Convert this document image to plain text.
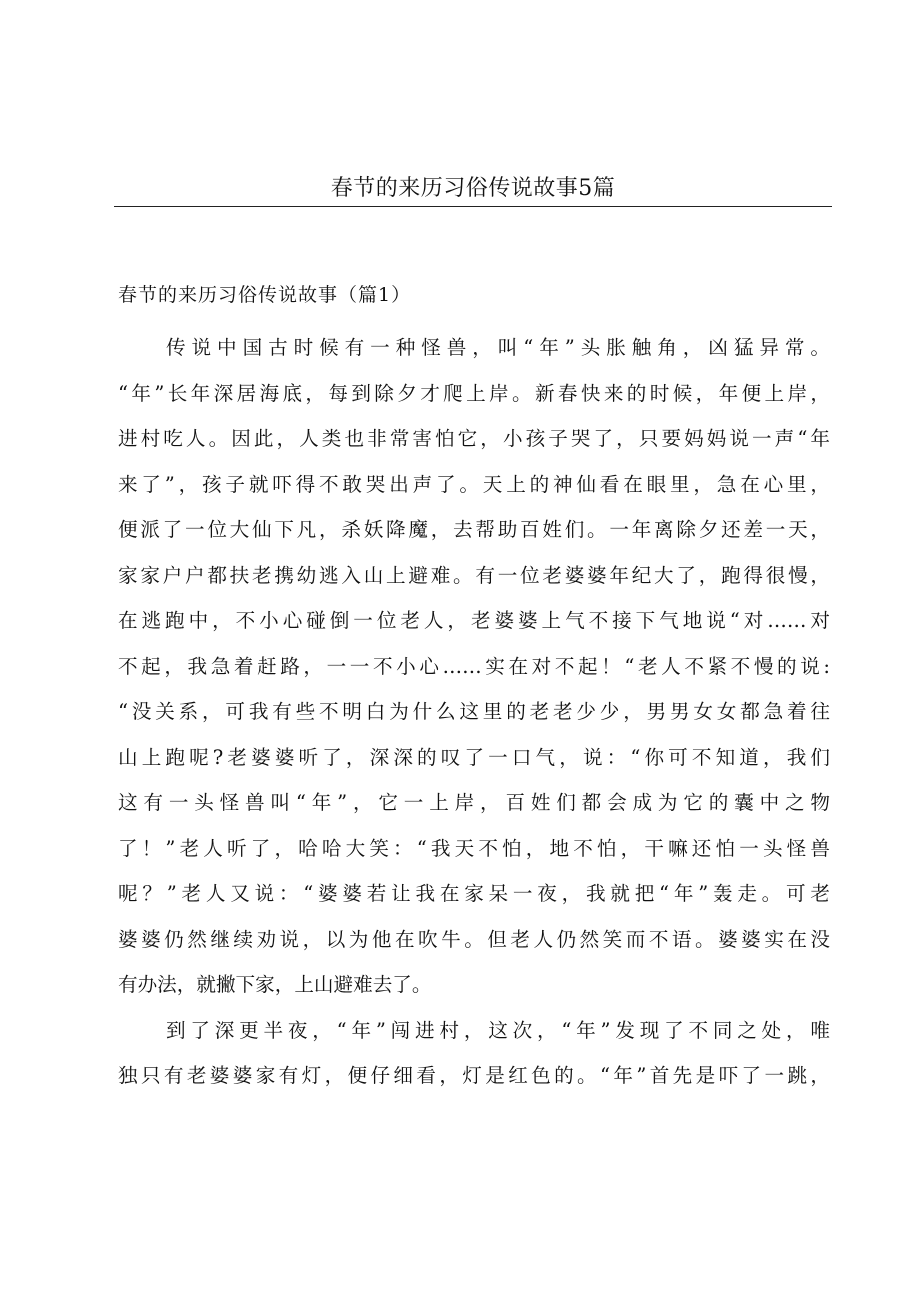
春节的来历习俗传说故事5篇
春节的来历习俗传说故事（篇1）
传说中国古时候有一种怪兽，叫“年”头胀触角，凶猛异常。
“年”长年深居海底，每到除夕才爬上岸。新春快来的时候，年便上岸，
进村吃人。因此，人类也非常害怕它，小孩子哭了，只要妈妈说一声“年
来了”，孩子就吓得不敢哭出声了。天上的神仙看在眼里，急在心里，
便派了一位大仙下凡，杀妖降魔，去帮助百姓们。一年离除夕还差一天，
家家户户都扶老携幼逃入山上避难。有一位老婆婆年纪大了，跑得很慢，
在逃跑中，不小心碰倒一位老人，老婆婆上气不接下气地说“对……对
不起，我急着赶路，一一不小心……实在对不起！“老人不紧不慢的说:
“没关系，可我有些不明白为什么这里的老老少少，男男女女都急着往
山上跑呢?老婆婆听了，深深的叹了一口气，说：“你可不知道，我们
这有一头怪兽叫“年”，它一上岸，百姓们都会成为它的囊中之物
了！”老人听了，哈哈大笑：“我天不怕，地不怕，干嘛还怕一头怪兽
呢？”老人又说：“婆婆若让我在家呆一夜，我就把“年”轰走。可老
婆婆仍然继续劝说，以为他在吹牛。但老人仍然笑而不语。婆婆实在没
有办法，就撇下家，上山避难去了。
到了深更半夜，“年”闯进村，这次，“年”发现了不同之处，唯
独只有老婆婆家有灯，便仔细看，灯是红色的。“年”首先是吓了一跳，
